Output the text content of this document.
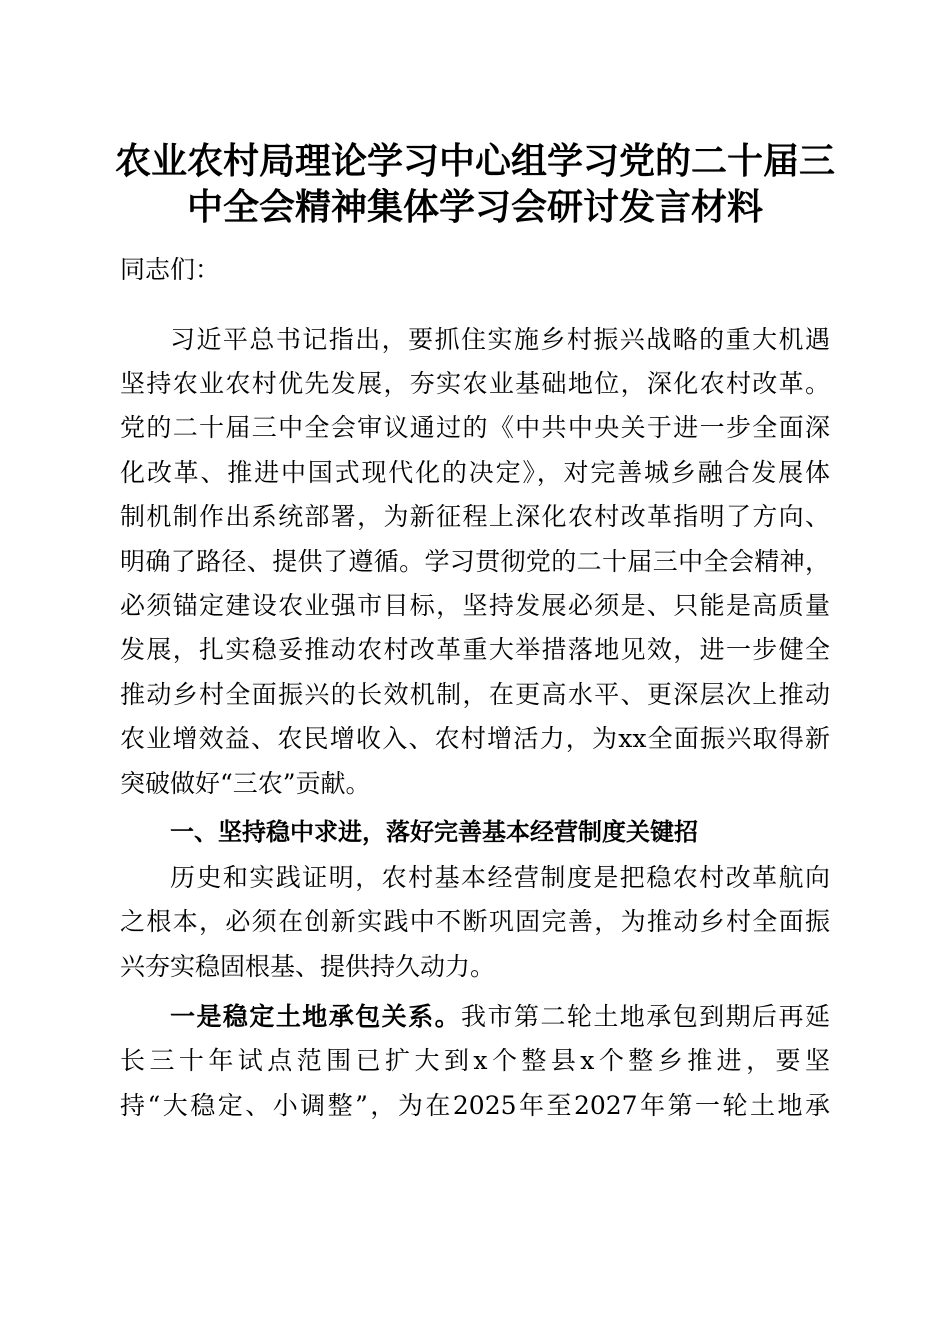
农业农村局理论学习中心组学习党的二十届三
中全会精神集体学习会研讨发言材料
同志们：
习近平总书记指出，要抓住实施乡村振兴战略的重大机遇
坚持农业农村优先发展，夯实农业基础地位，深化农村改革。
党的二十届三中全会审议通过的《中共中央关于进一步全面深
化改革、推进中国式现代化的决定》，对完善城乡融合发展体
制机制作出系统部署，为新征程上深化农村改革指明了方向、
明确了路径、提供了遵循。学习贯彻党的二十届三中全会精神，
必须锚定建设农业强市目标，坚持发展必须是、只能是高质量
发展，扎实稳妥推动农村改革重大举措落地见效，进一步健全
推动乡村全面振兴的长效机制，在更高水平、更深层次上推动
农业增效益、农民增收入、农村增活力，为xx全面振兴取得新
突破做好“三农”贡献。
一、坚持稳中求进，落好完善基本经营制度关键招
历史和实践证明，农村基本经营制度是把稳农村改革航向
之根本，必须在创新实践中不断巩固完善，为推动乡村全面振
兴夯实稳固根基、提供持久动力。
一是稳定土地承包关系。我市第二轮土地承包到期后再延
长三十年试点范围已扩大到x个整县x个整乡推进，要坚
持“大稳定、小调整”，为在2025年至2027年第一轮土地承
